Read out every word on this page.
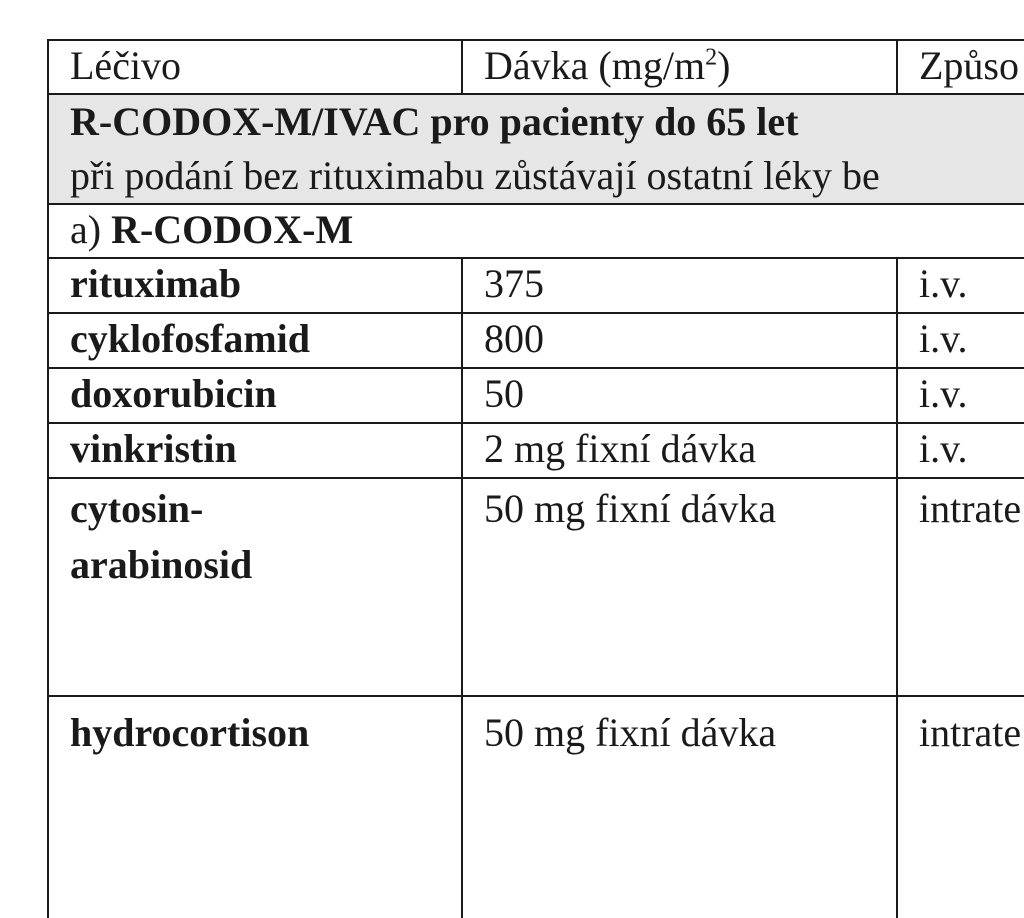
Léčivo	Dávka $(mg/m^2)$	Způso

R-CODOX-M/IVAC pro pacienty do 65 let
při podání bez rituximabu zůstávají ostatní léky be		

a) R-CODOX-M		
rituximab	375	i.v.
cyklofosfamid	800	i.v.
doxorubicin	50	i.v.
vinkristin	2 mg fixní dávka	i.v.
cytosin-
arabinosid	50 mg fixní dávka	intrate
hydrocortison	50 mg fixní dávka	intrate
